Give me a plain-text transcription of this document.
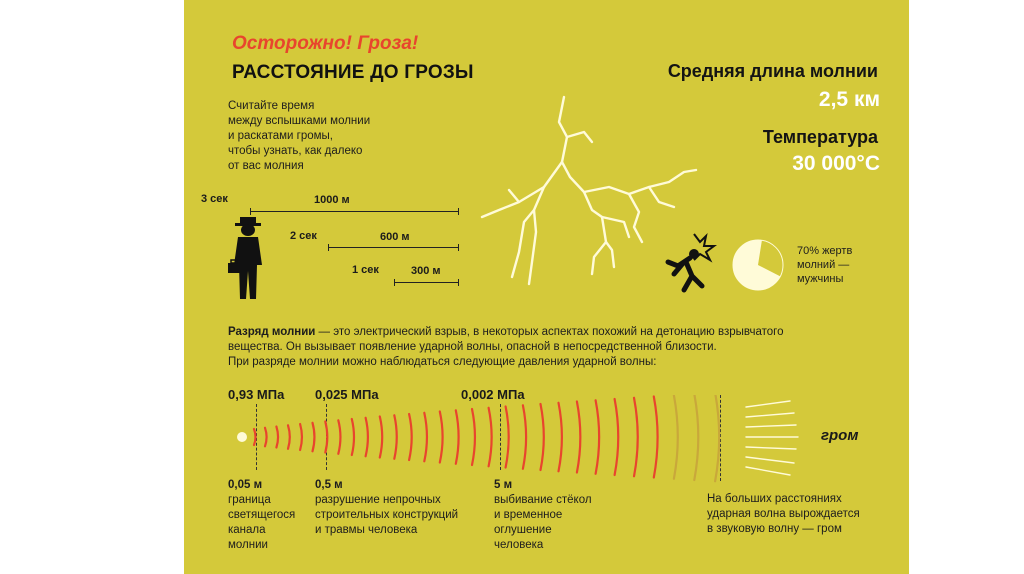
Осторожно! Гроза!
РАССТОЯНИЕ ДО ГРОЗЫ
Считайте время
между вспышками молнии
и раскатами громы,
чтобы узнать, как далеко
от вас молния
3 сек	1000 м
2 сек	600 м
1 сек	300 м
Средняя длина молнии
2,5 км
Температура
30 000°C
70% жертв
молний —
мужчины
Разряд молнии — это электрический взрыв, в некоторых аспектах похожий на детонацию взрывчатого
вещества. Он вызывает появление ударной волны, опасной в непосредственной близости.
При разряде молнии можно наблюдаться следующие давления ударной волны:
0,93 МПа 0,025 МПа	0,002 МПа
гром
0,05 м
граница
светящегося
канала
молнии
0,5 м
разрушение непрочных
строительных конструкций
и травмы человека
5 м
выбивание стёкол
и временное
оглушение
человека
На больших расстояниях
ударная волна вырождается
в звуковую волну — гром
